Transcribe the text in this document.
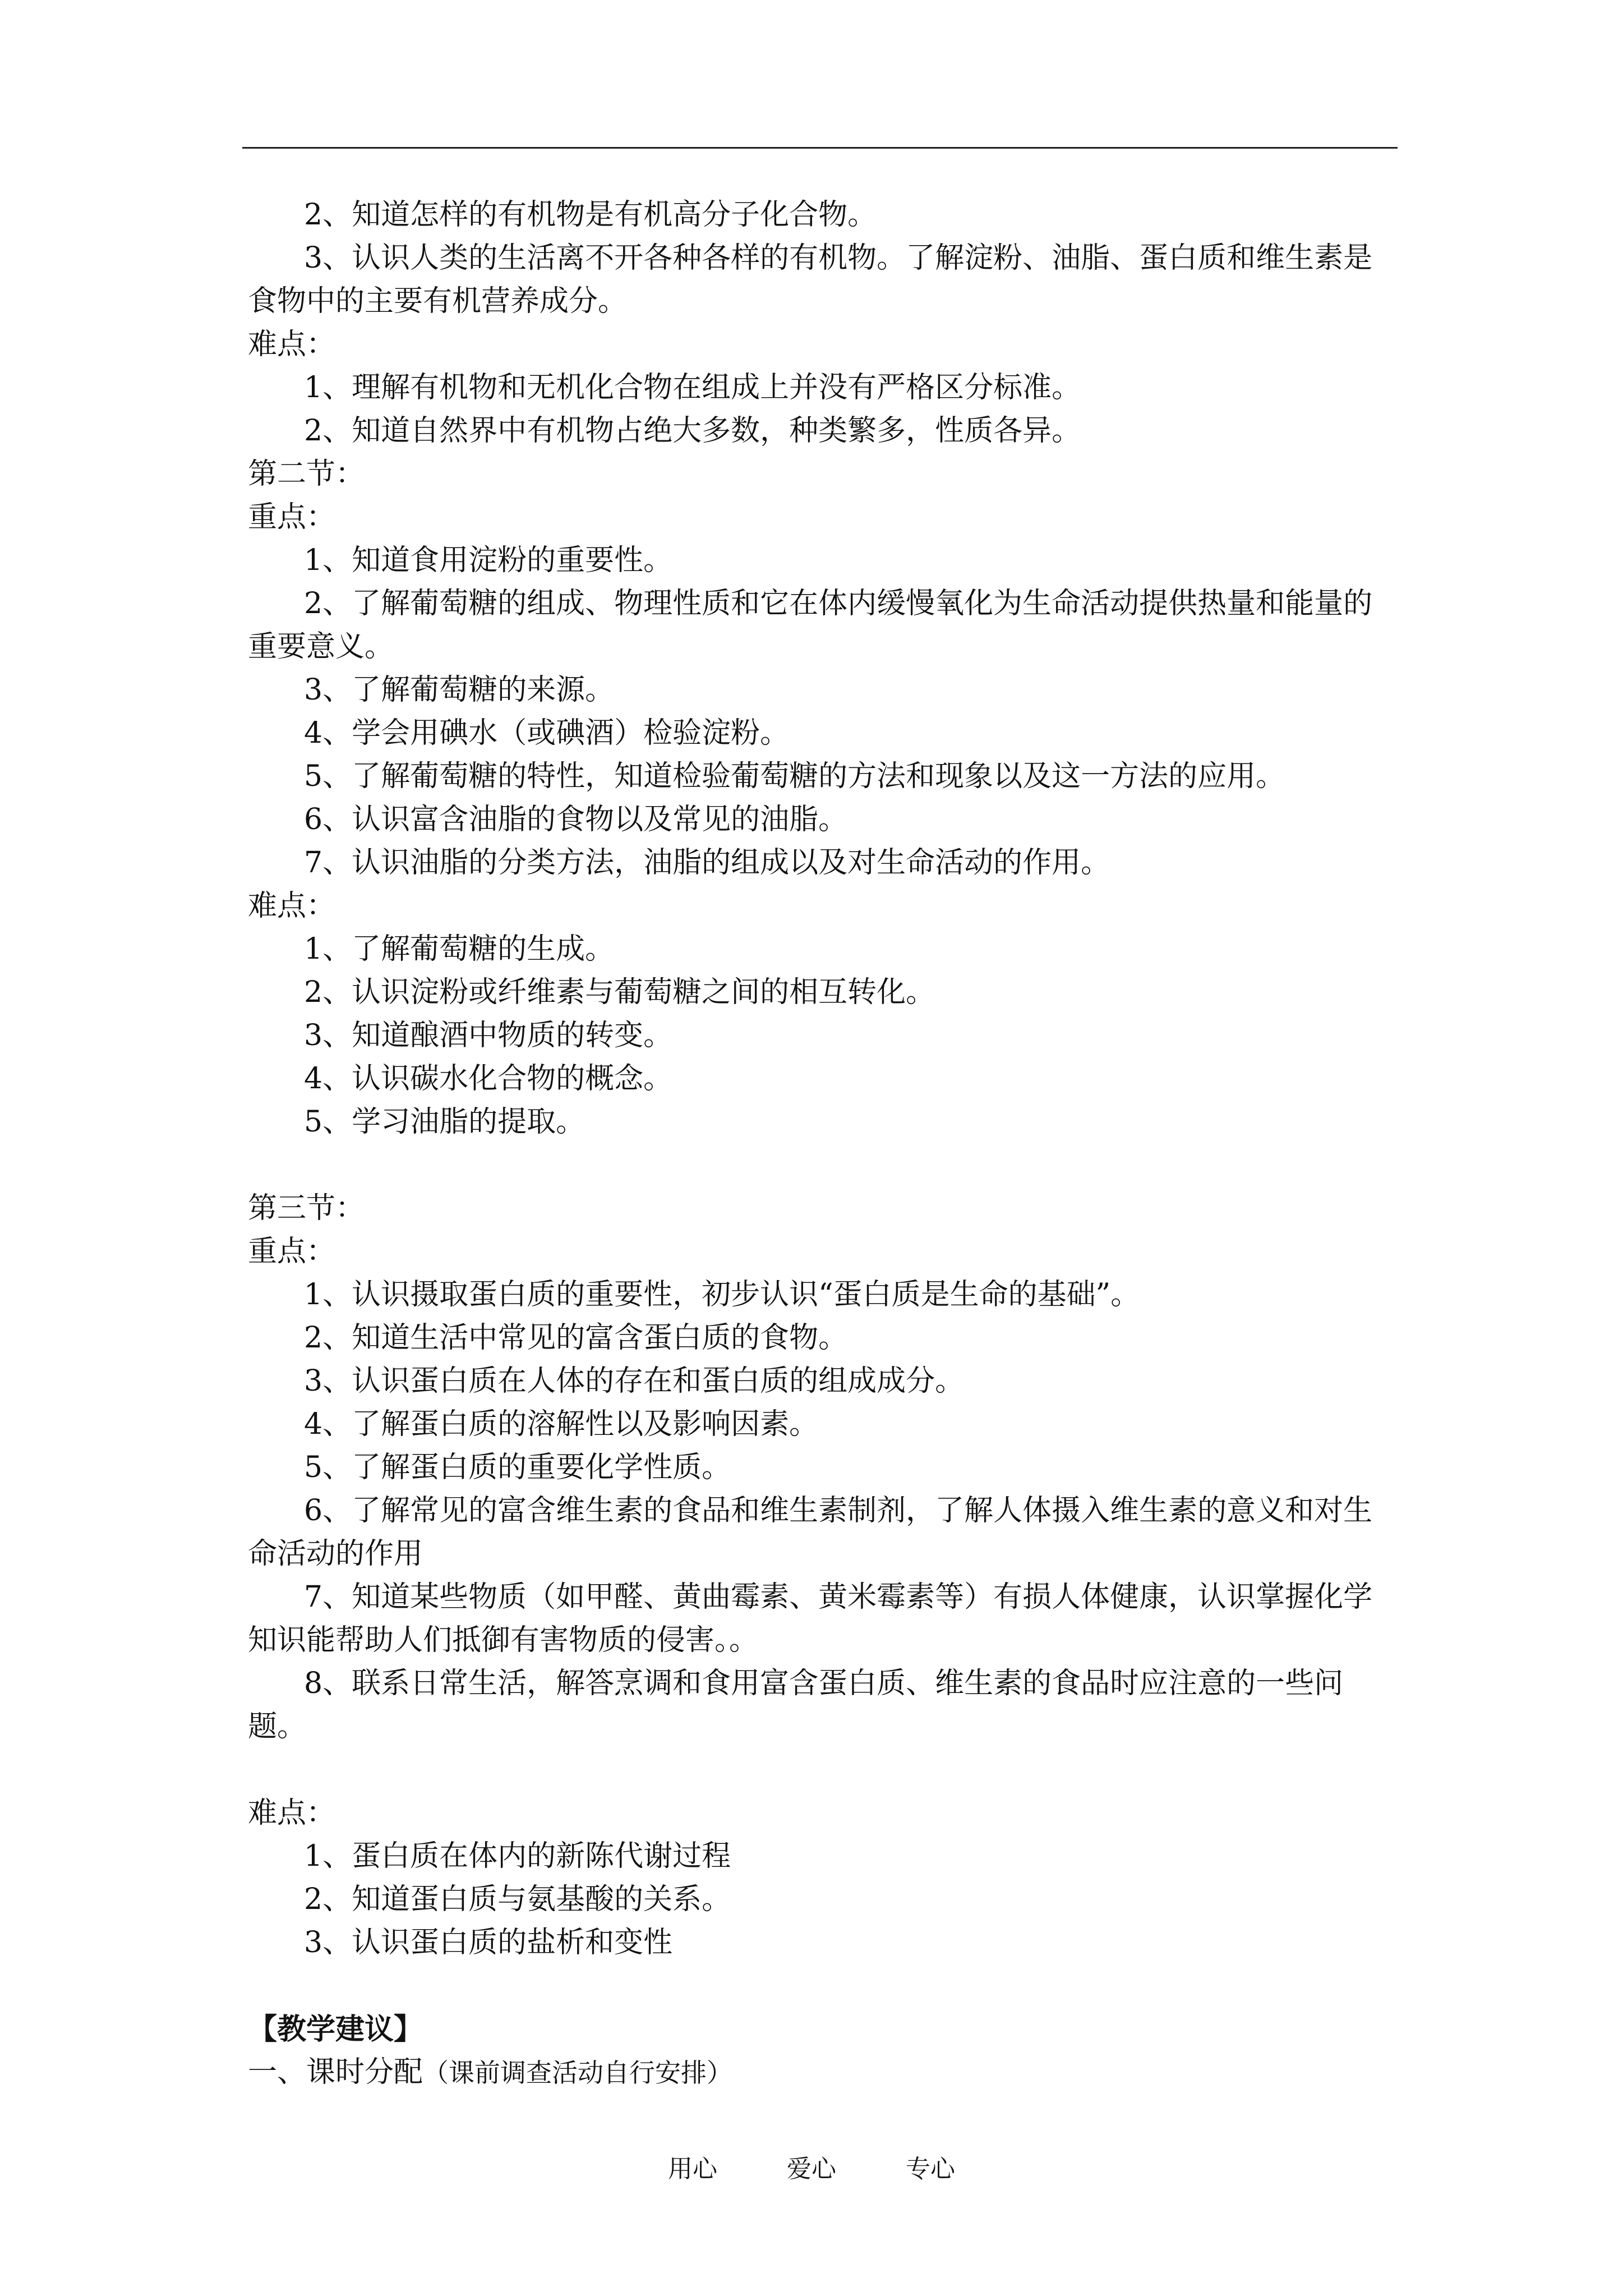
2、知道怎样的有机物是有机高分子化合物。

3、认识人类的生活离不开各种各样的有机物。了解淀粉、油脂、蛋白质和维生素是食物中的主要有机营养成分。

难点：

1、理解有机物和无机化合物在组成上并没有严格区分标准。

2、知道自然界中有机物占绝大多数，种类繁多，性质各异。

第二节：

重点：

1、知道食用淀粉的重要性。

2、了解葡萄糖的组成、物理性质和它在体内缓慢氧化为生命活动提供热量和能量的重要意义。

3、了解葡萄糖的来源。

4、学会用碘水（或碘酒）检验淀粉。

5、了解葡萄糖的特性，知道检验葡萄糖的方法和现象以及这一方法的应用。

6、认识富含油脂的食物以及常见的油脂。

7、认识油脂的分类方法，油脂的组成以及对生命活动的作用。

难点：

1、了解葡萄糖的生成。

2、认识淀粉或纤维素与葡萄糖之间的相互转化。

3、知道酿酒中物质的转变。

4、认识碳水化合物的概念。

5、学习油脂的提取。

第三节：

重点：

1、认识摄取蛋白质的重要性，初步认识“蛋白质是生命的基础”。

2、知道生活中常见的富含蛋白质的食物。

3、认识蛋白质在人体的存在和蛋白质的组成成分。

4、了解蛋白质的溶解性以及影响因素。

5、了解蛋白质的重要化学性质。

6、了解常见的富含维生素的食品和维生素制剂，了解人体摄入维生素的意义和对生命活动的作用

7、知道某些物质（如甲醛、黄曲霉素、黄米霉素等）有损人体健康，认识掌握化学知识能帮助人们抵御有害物质的侵害。。

8、联系日常生活，解答烹调和食用富含蛋白质、维生素的食品时应注意的一些问题。

难点：

1、蛋白质在体内的新陈代谢过程

2、知道蛋白质与氨基酸的关系。

3、认识蛋白质的盐析和变性

【教学建议】

一、课时分配（课前调查活动自行安排）

用心	爱心	专心
